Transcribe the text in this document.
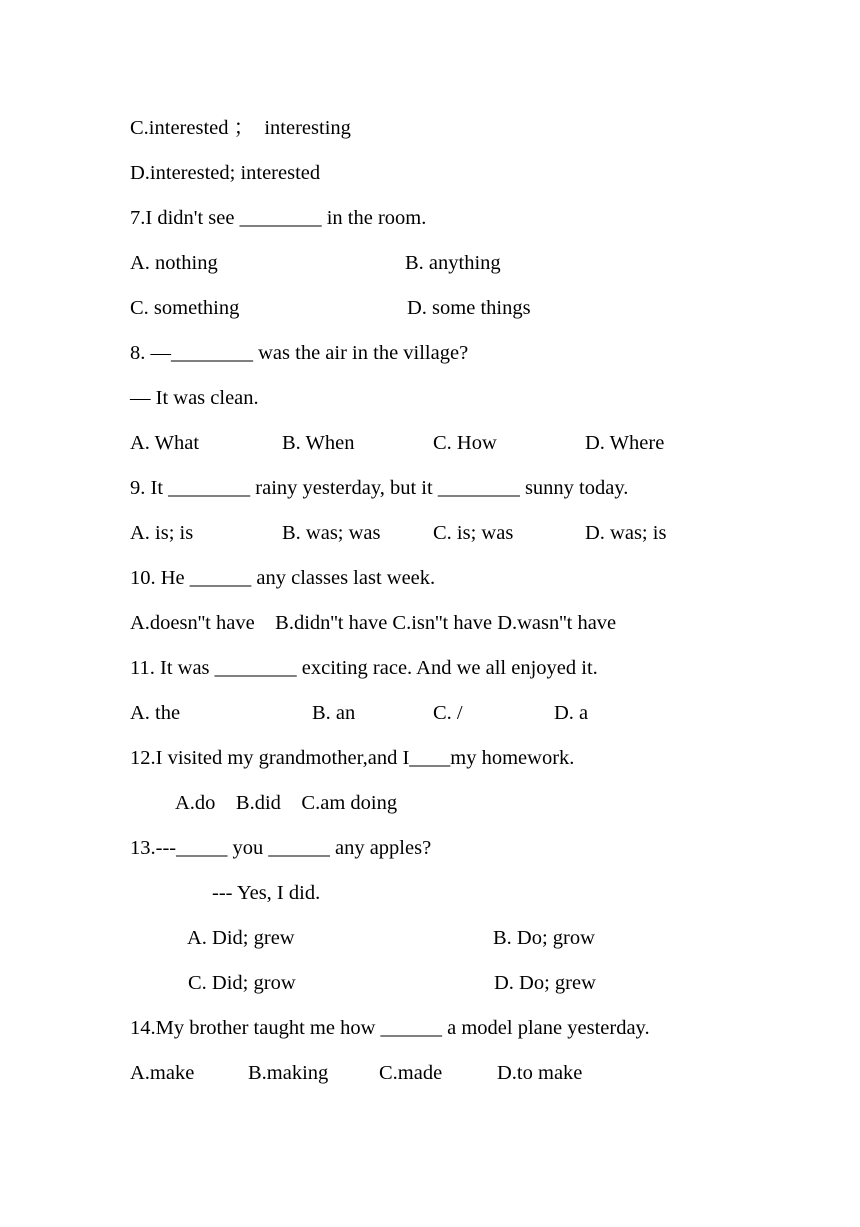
C.interested ；  interesting
D.interested; interested
7.I didn't see ________ in the room.

A. nothing

	B. anything

C. something

	D. some things

8. —________ was the air in the village?
— It was clean.

A. What

	B. When

	C. How

	D. Where

9. It ________ rainy yesterday, but it ________ sunny today.

A. is; is

	B. was; was

	C. is; was

	D. was; is

10. He ______ any classes last week.
A.doesn''t have    B.didn''t have C.isn''t have D.wasn''t have
11. It was ________ exciting race. And we all enjoyed it.

A. the

	B. an

	C. /

	D. a

12.I visited my grandmother,and I____my homework.
A.do    B.did    C.am doing
13.---_____ you ______ any apples?
--- Yes, I did.

A. Did; grew

	B. Do; grow

C. Did; grow

	D. Do; grew

14.My brother taught me how ______ a model plane yesterday.

A.make

	B.making

C.made

	D.to make
